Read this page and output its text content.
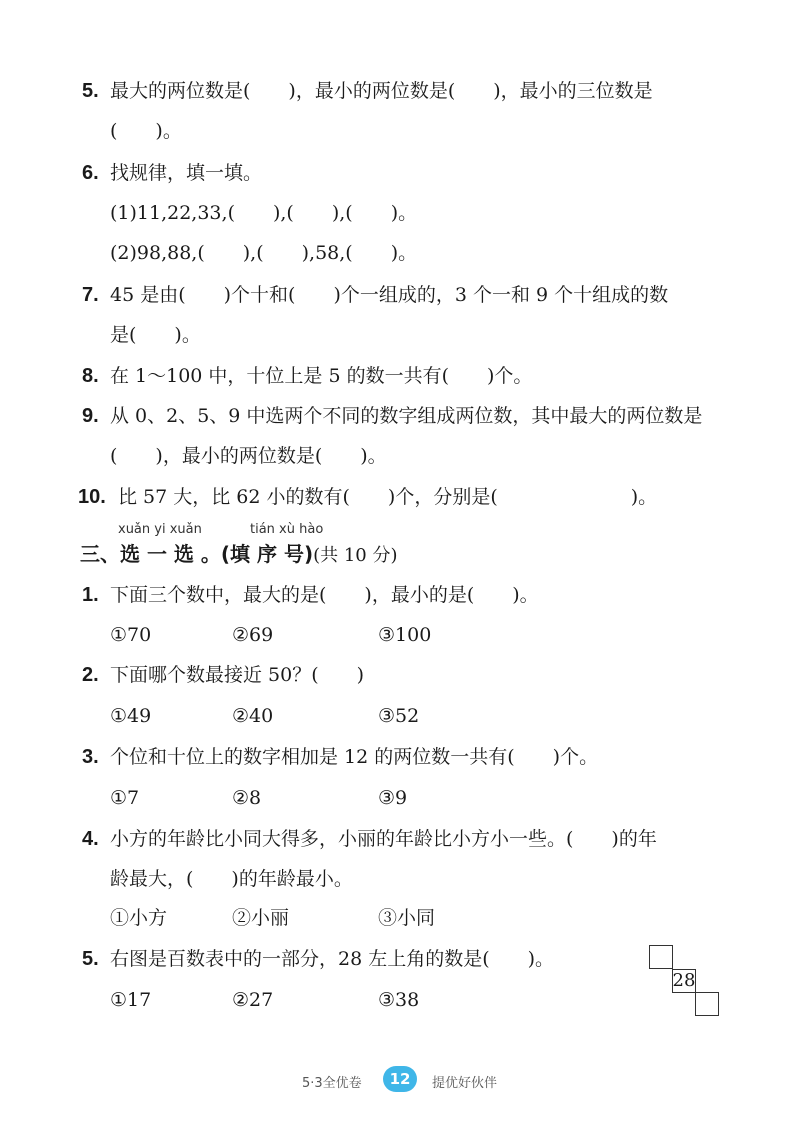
5. 最大的两位数是(　　)，最小的两位数是(　　)，最小的三位数是
(　　)。
6. 找规律，填一填。
(1)11,22,33,(　　),(　　),(　　)。
(2)98,88,(　　),(　　),58,(　　)。
7. 45 是由(　　)个十和(　　)个一组成的，3 个一和 9 个十组成的数
是(　　)。
8. 在 1～100 中，十位上是 5 的数一共有(　　)个。
9. 从 0、2、5、9 中选两个不同的数字组成两位数，其中最大的两位数是
(　　)，最小的两位数是(　　)。
10. 比 57 大，比 62 小的数有(　　)个，分别是(　　　　　　　)。
xuǎn yi xuǎn	tián xù hào
三、选 一 选 。(填 序 号)(共 10 分)
1. 下面三个数中，最大的是(　　)，最小的是(　　)。
①70	②69	③100
2. 下面哪个数最接近 50？(　　)
①49	②40	③52
3. 个位和十位上的数字相加是 12 的两位数一共有(　　)个。
①7	②8	③9
4. 小方的年龄比小同大得多，小丽的年龄比小方小一些。(　　)的年
龄最大，(　　)的年龄最小。
①小方	②小丽	③小同
5. 右图是百数表中的一部分，28 左上角的数是(　　)。
①17	②27	③38
28
5·3全优卷	12	提优好伙伴
